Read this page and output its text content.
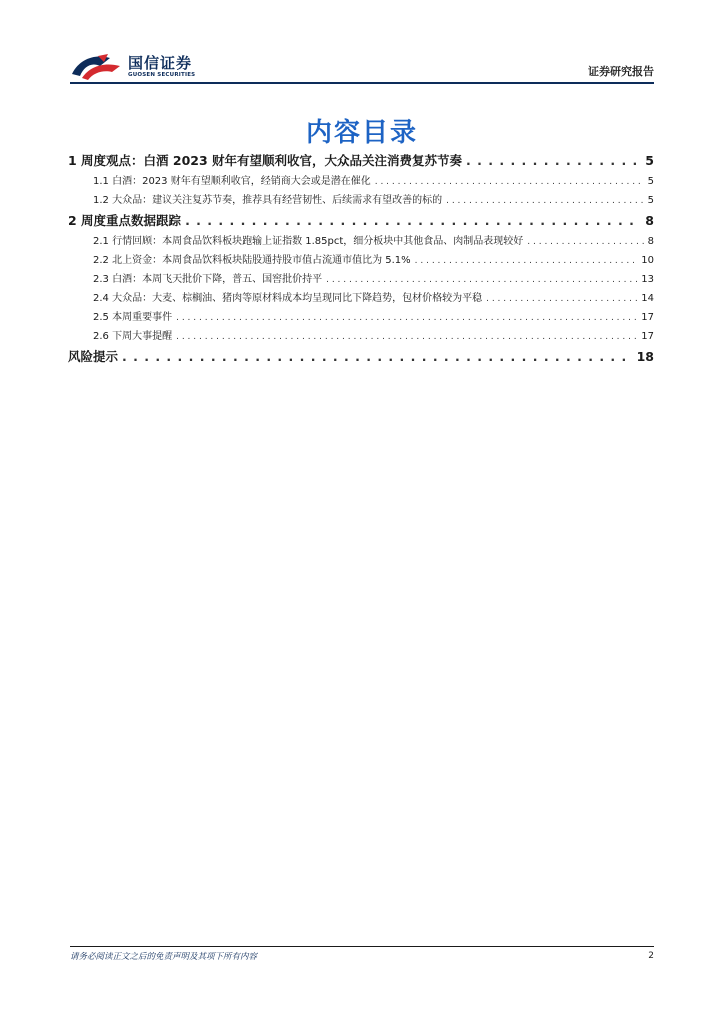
国信证券
GUOSEN SECURITIES	证券研究报告
内容目录
1 周度观点：白酒 2023 财年有望顺利收官，大众品关注消费复苏节奏 . . .	5
1.1 白酒：2023 财年有望顺利收官，经销商大会或是潜在催化 . . .	5
1.2 大众品：建议关注复苏节奏，推荐具有经营韧性、后续需求有望改善的标的 . . .	5
2 周度重点数据跟踪 . . .	8
2.1 行情回顾：本周食品饮料板块跑输上证指数 1.85pct，细分板块中其他食品、肉制品表现较好 . . .	8
2.2 北上资金：本周食品饮料板块陆股通持股市值占流通市值比为 5.1% . . .	10
2.3 白酒：本周飞天批价下降，普五、国窖批价持平 . . .	13
2.4 大众品：大麦、棕榈油、猪肉等原材料成本均呈现同比下降趋势，包材价格较为平稳 . . .	14
2.5 本周重要事件 . . .	17
2.6 下周大事提醒 . . .	17
风险提示 . . .	18
请务必阅读正文之后的免责声明及其项下所有内容	2
